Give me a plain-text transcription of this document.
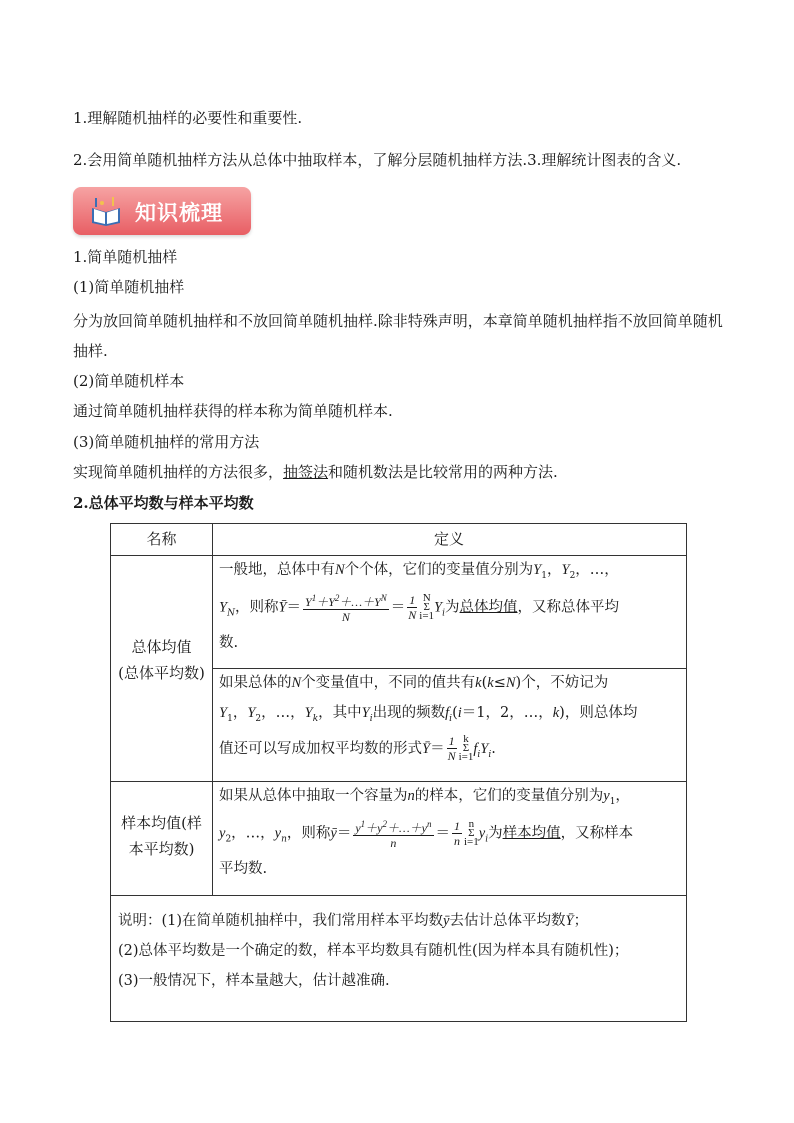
1.理解随机抽样的必要性和重要性.
2.会用简单随机抽样方法从总体中抽取样本，了解分层随机抽样方法.3.理解统计图表的含义.
知识梳理
1.简单随机抽样
(1)简单随机抽样
分为放回简单随机抽样和不放回简单随机抽样.除非特殊声明，本章简单随机抽样指不放回简单随机抽样.
(2)简单随机样本
通过简单随机抽样获得的样本称为简单随机样本.
(3)简单随机抽样的常用方法
实现简单随机抽样的方法很多，抽签法和随机数法是比较常用的两种方法.
2.总体平均数与样本平均数
名称	定义
总体均值
(总体平均数)
一般地，总体中有N个个体，它们的变量值分别为$Y_1$，$Y_2$，…，
$Y_N$，则称Ȳ＝ $\frac{Y^1+Y^2+\dots+Y^N}{N} = \frac{1}{N}$ N
Σ
$i=1Y_i$为总体均值，又称总体平均
数.
如果总体的N个变量值中，不同的值共有k(k≤N)个，不妨记为
$Y_1$，$Y_2$，…，$Y_k$，其中$Y_i$出现的频数$f_i(i=1$，2，…，k)，则总体均
值还可以写成加权平均数的形式Ȳ＝ $\frac{1}{N}$ k
Σ
$i=1f_iY_i$.
样本均值(样
本平均数)
如果从总体中抽取一个容量为n的样本，它们的变量值分别为$y_1$，
$y_2$，…，$y_n$，则称ȳ＝ $\frac{y^1+y^2+\dots+y^n}{n} = \frac{1}{n}$ n
Σ
$i=1y_i$为样本均值，又称样本
平均数.
说明：(1)在简单随机抽样中，我们常用样本平均数ȳ去估计总体平均数Ȳ；
(2)总体平均数是一个确定的数，样本平均数具有随机性(因为样本具有随机性)；
(3)一般情况下，样本量越大，估计越准确.
